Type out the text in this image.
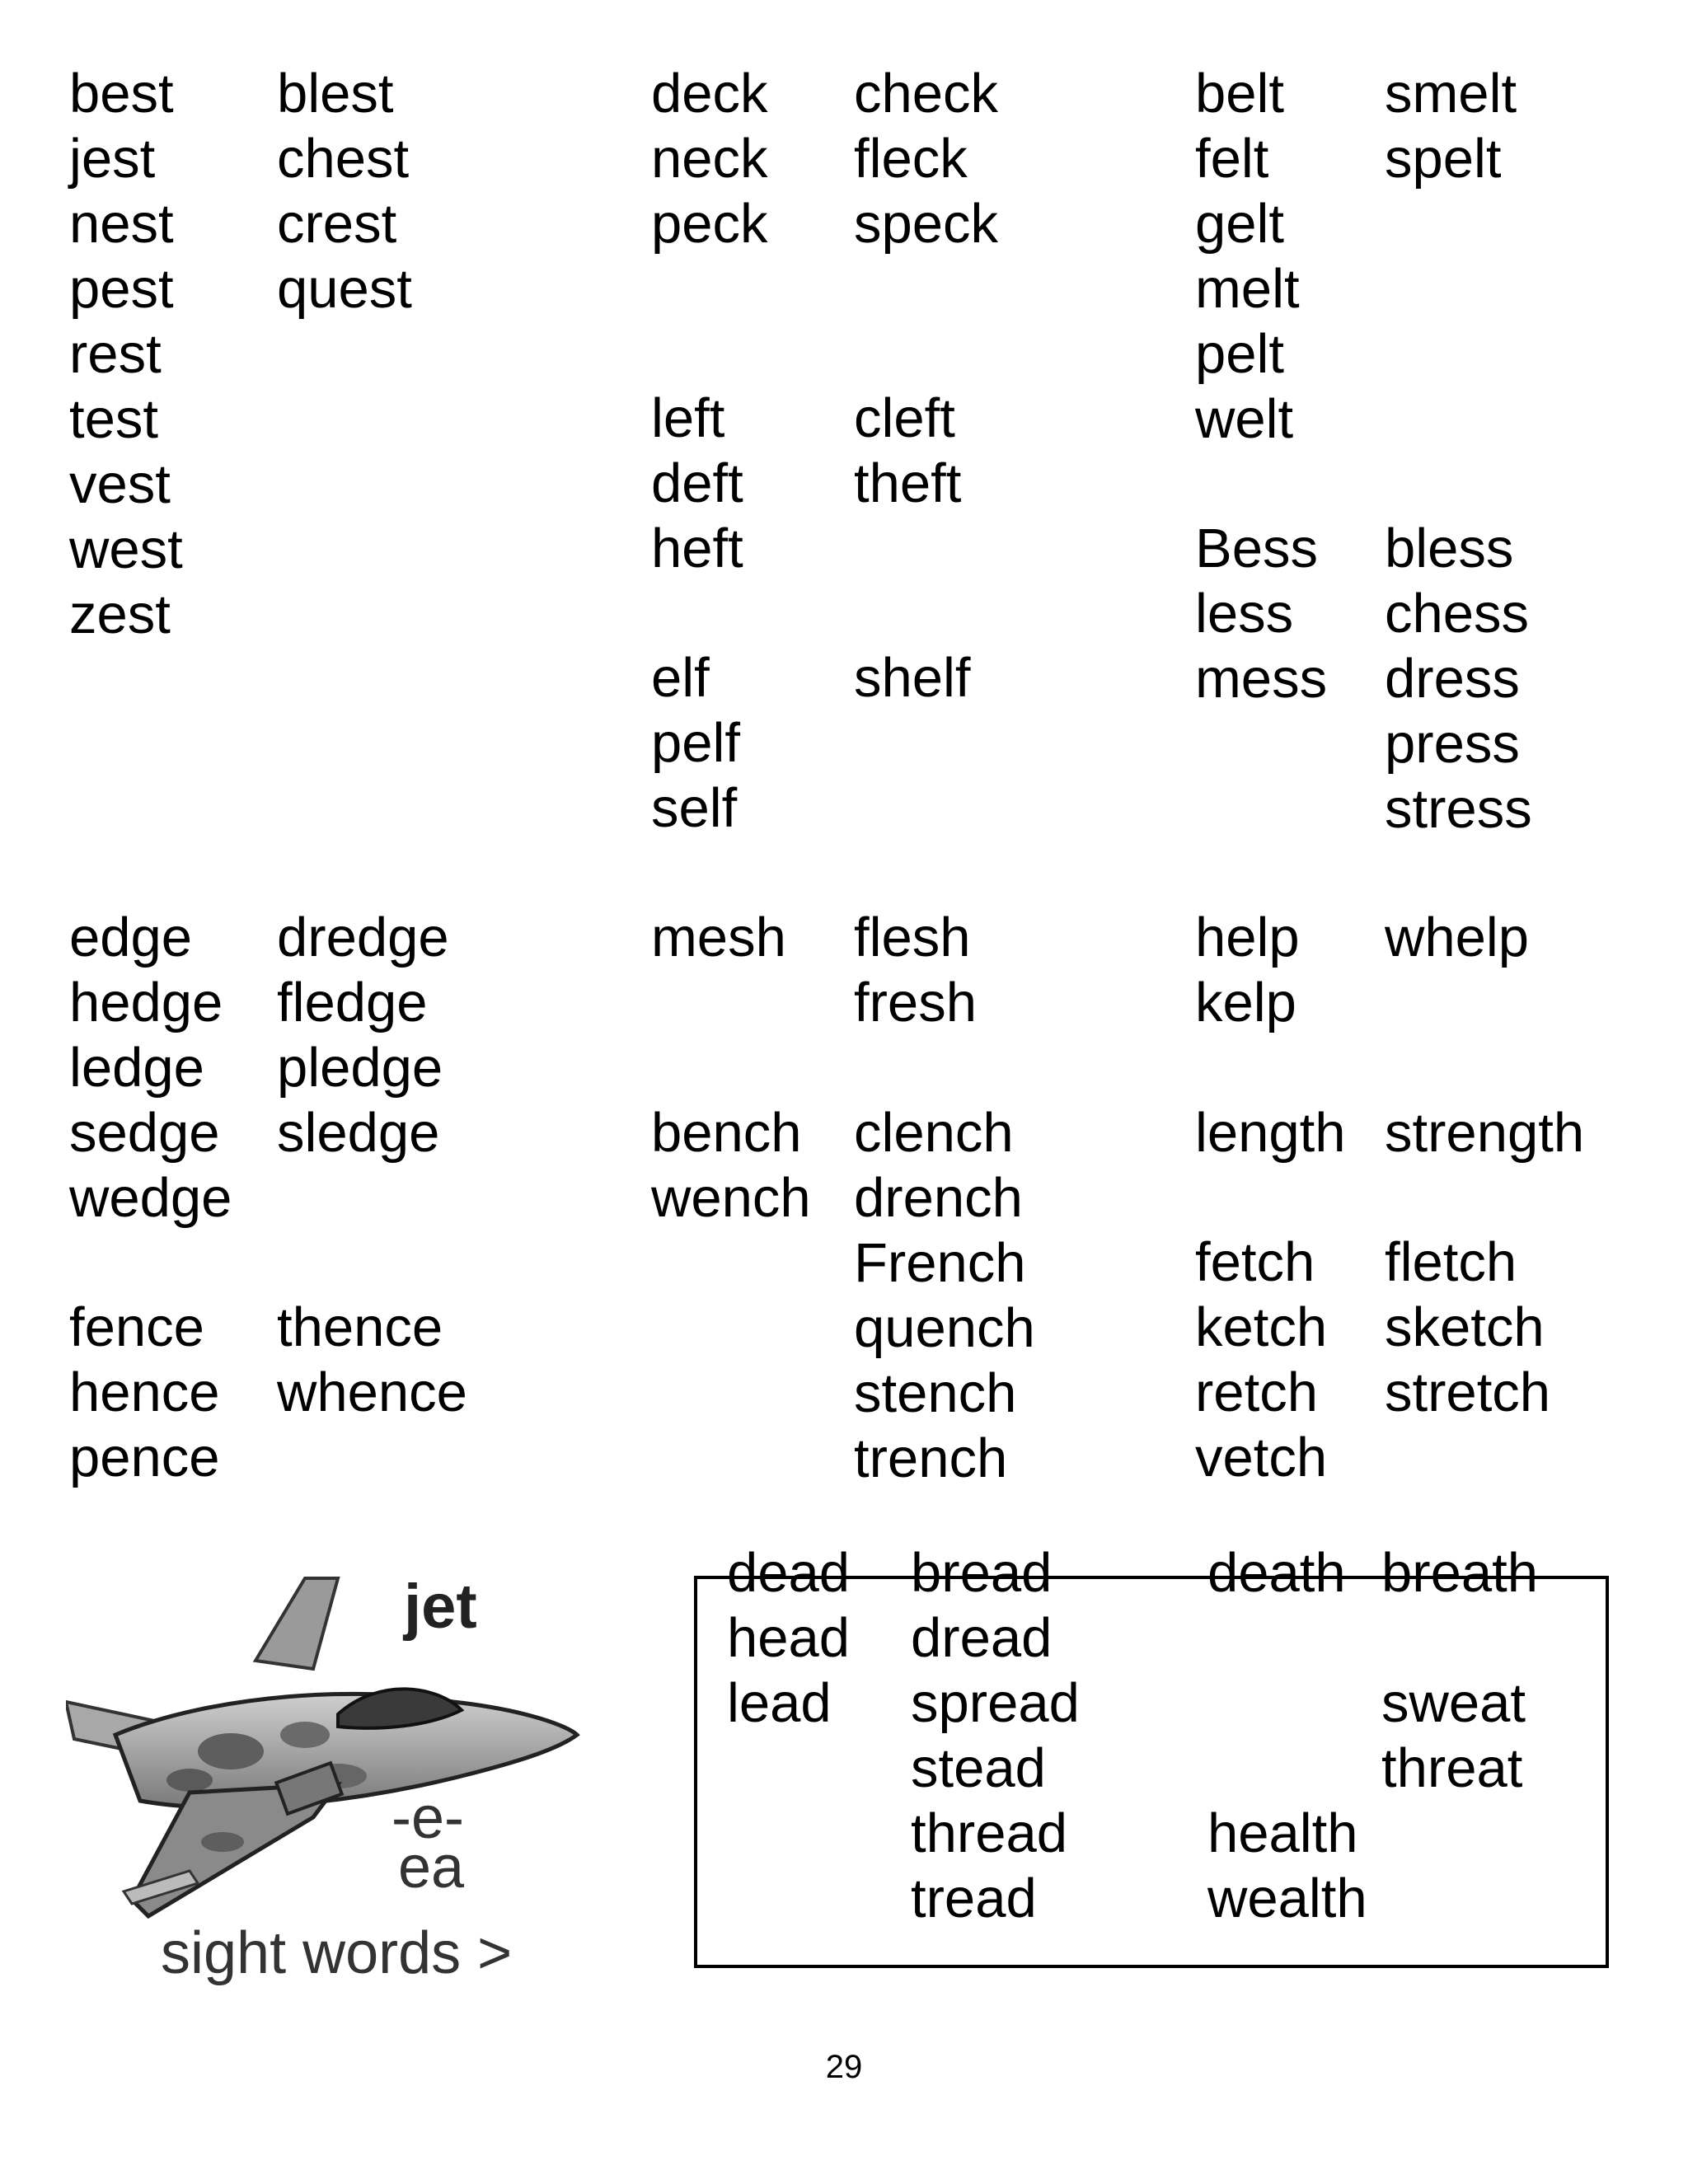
jet
-e-
ea
sight words >
29
best
jest
nest
pest
rest
test
vest
west
zest
blest
chest
crest
quest
deck
neck
peck
check
fleck
speck
left
deft
heft
cleft
theft
elf
pelf
self
shelf
belt
felt
gelt
melt
pelt
welt
smelt
spelt
Bess
less
mess
bless
chess
dress
press
stress
edge
hedge
ledge
sedge
wedge
dredge
fledge
pledge
sledge
fence
hence
pence
thence
whence
mesh flesh
fresh
bench
wench
clench
drench
French
quench
stench
trench
help
kelp
whelp
length strength
fetch
ketch
retch
vetch
fletch
sketch
stretch
dead
head
lead
bread
dread
spread
stead
thread
tread
death breath
sweat
threat
health
wealth
